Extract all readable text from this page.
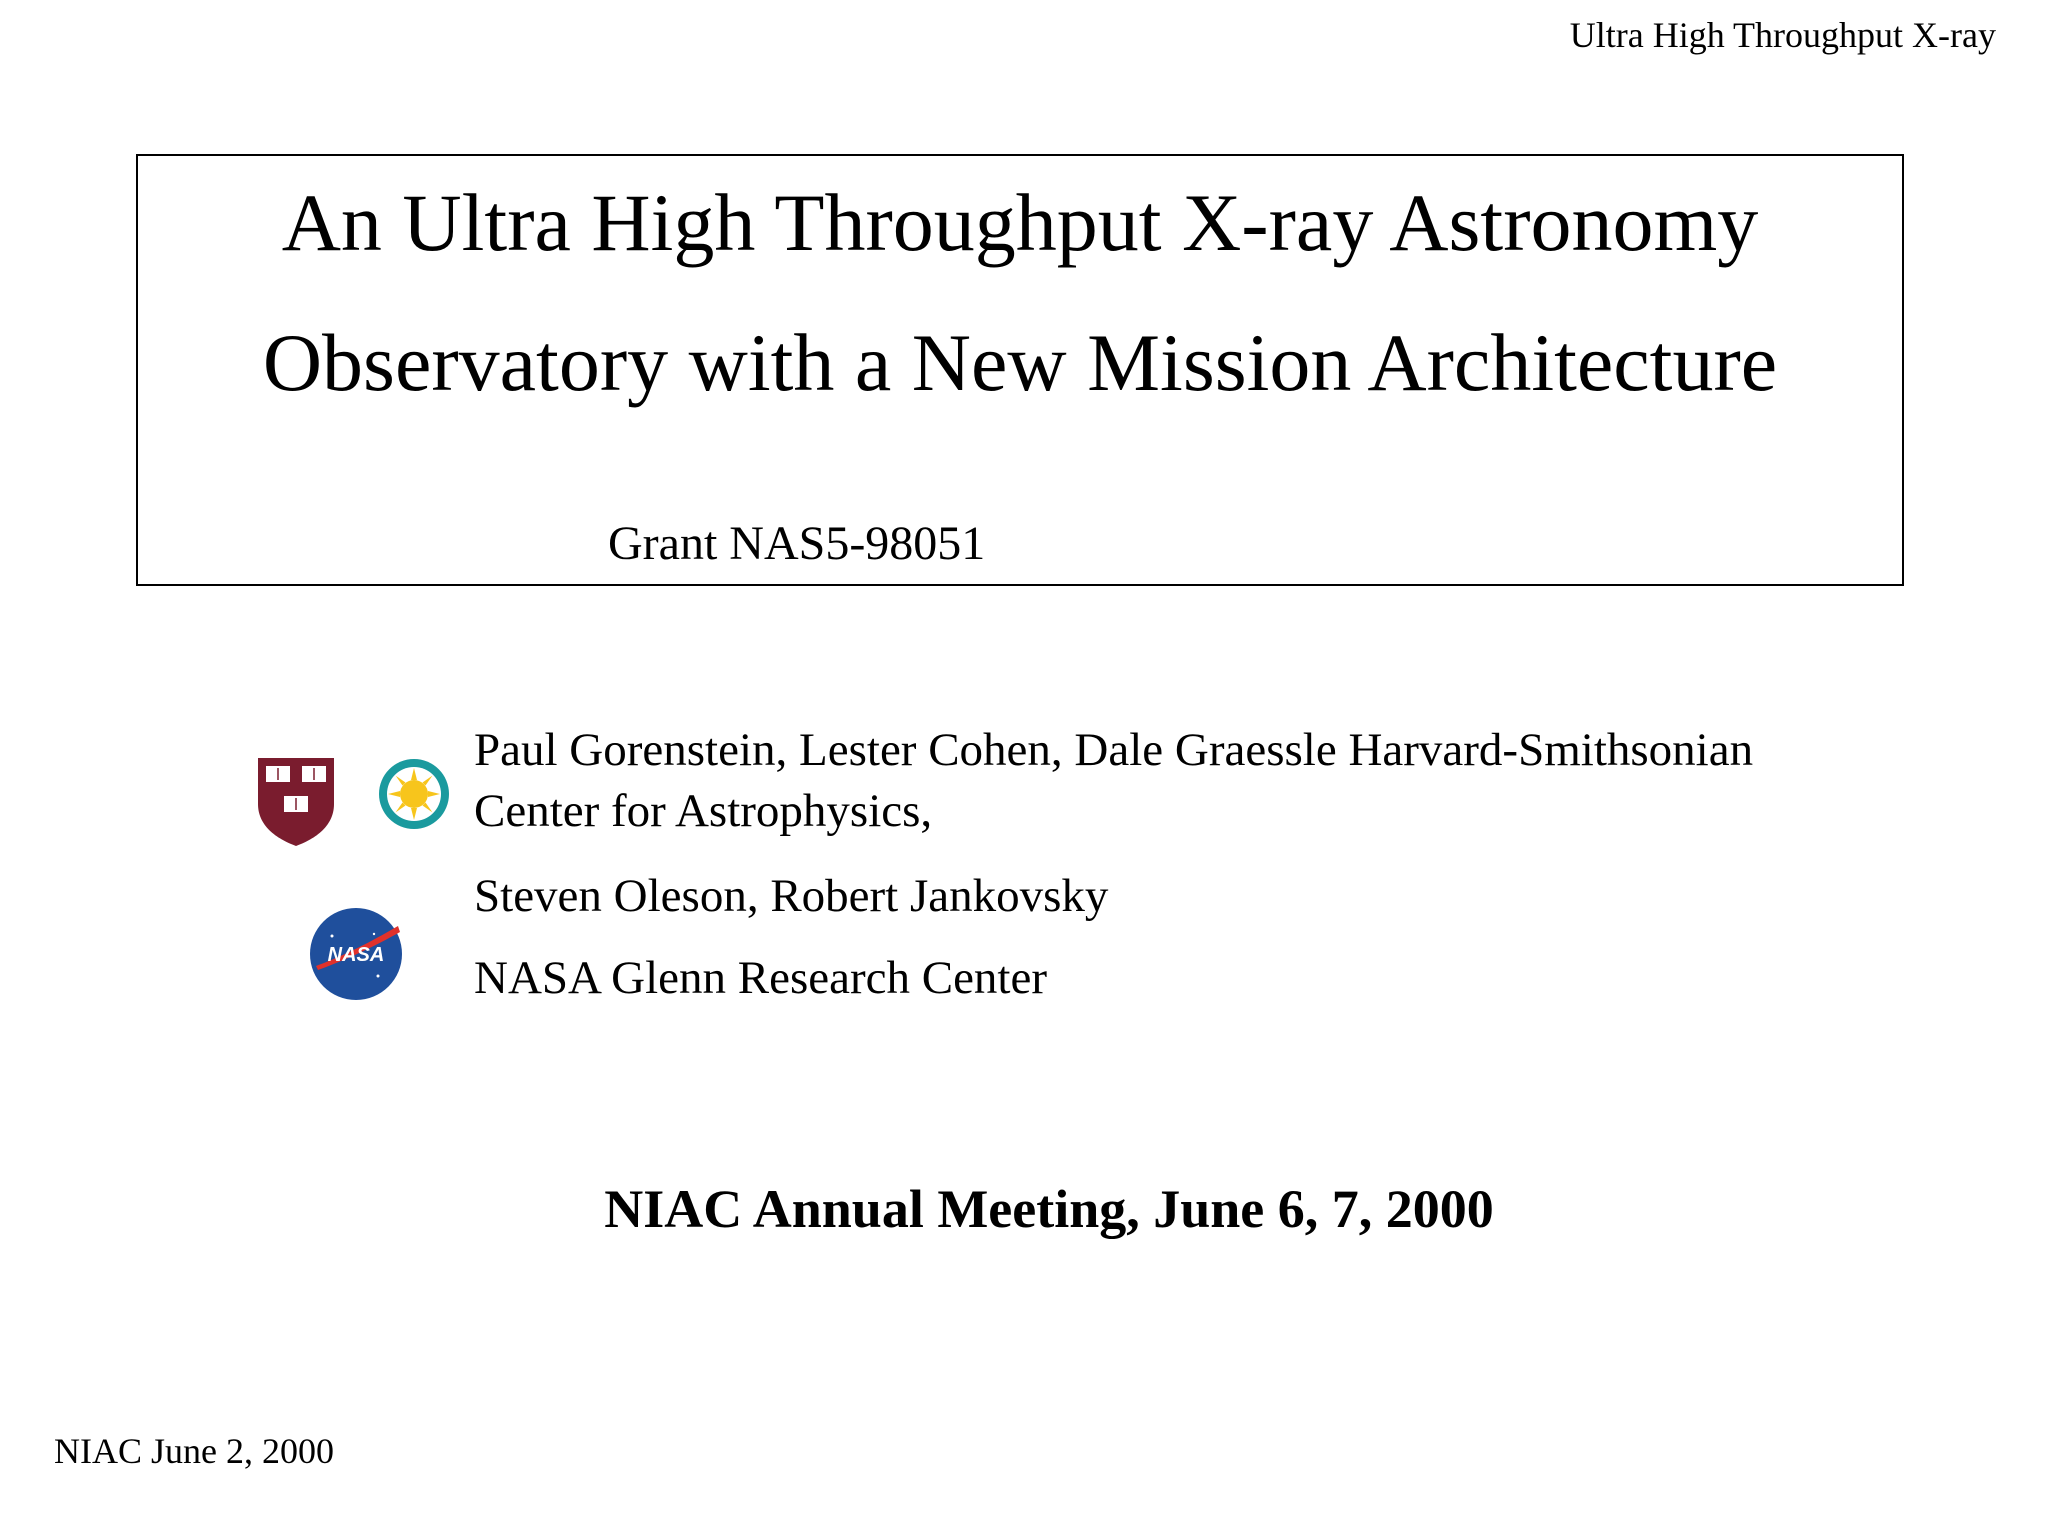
Ultra High Throughput X-ray
An Ultra High Throughput X-ray Astronomy
Observatory with a New Mission Architecture
Grant NAS5-98051
NASA
Paul Gorenstein, Lester Cohen, Dale Graessle Harvard-Smithsonian
Center for Astrophysics,
Steven Oleson, Robert Jankovsky
NASA Glenn Research Center
NIAC Annual Meeting, June 6, 7, 2000
NIAC June 2, 2000
